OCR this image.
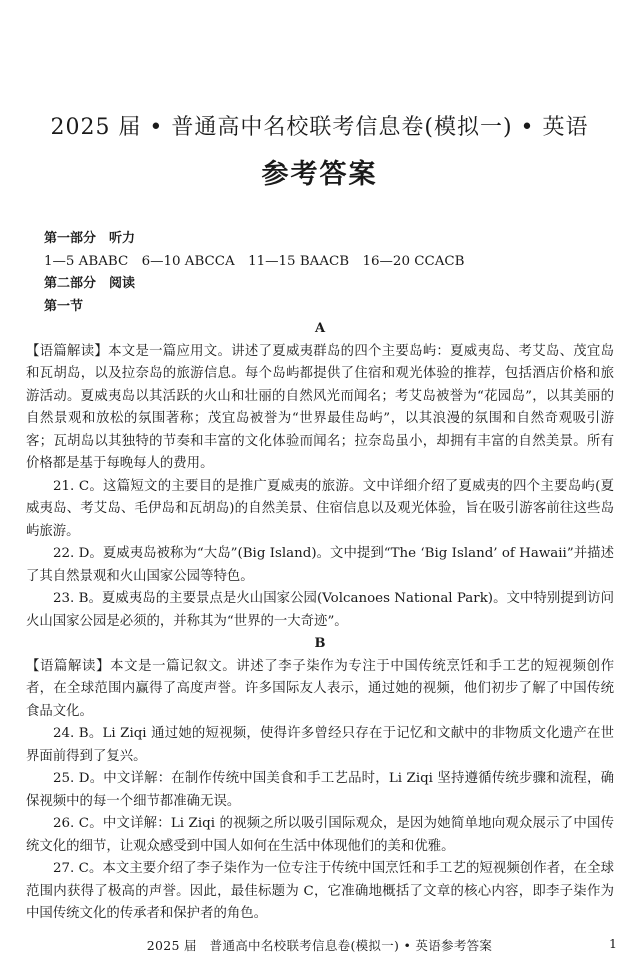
2025 届 • 普通高中名校联考信息卷(模拟一) • 英语
参考答案

第一部分　听力

1—5 ABABC　6—10 ABCCA　11—15 BAACB　16—20 CCACB

第二部分　阅读

第一节

A

【语篇解读】本文是一篇应用文。讲述了夏威夷群岛的四个主要岛屿：夏威夷岛、考艾岛、茂宜岛和瓦胡岛，以及拉奈岛的旅游信息。每个岛屿都提供了住宿和观光体验的推荐，包括酒店价格和旅游活动。夏威夷岛以其活跃的火山和壮丽的自然风光而闻名；考艾岛被誉为“花园岛”，以其美丽的自然景观和放松的氛围著称；茂宜岛被誉为“世界最佳岛屿”，以其浪漫的氛围和自然奇观吸引游客；瓦胡岛以其独特的节奏和丰富的文化体验而闻名；拉奈岛虽小，却拥有丰富的自然美景。所有价格都是基于每晚每人的费用。

21. C。这篇短文的主要目的是推广夏威夷的旅游。文中详细介绍了夏威夷的四个主要岛屿(夏威夷岛、考艾岛、毛伊岛和瓦胡岛)的自然美景、住宿信息以及观光体验，旨在吸引游客前往这些岛屿旅游。

22. D。夏威夷岛被称为“大岛”(Big Island)。文中提到“The ‘Big Island’ of Hawaii”并描述了其自然景观和火山国家公园等特色。

23. B。夏威夷岛的主要景点是火山国家公园(Volcanoes National Park)。文中特别提到访问火山国家公园是必须的，并称其为“世界的一大奇迹”。

B

【语篇解读】本文是一篇记叙文。讲述了李子柒作为专注于中国传统烹饪和手工艺的短视频创作者，在全球范围内赢得了高度声誉。许多国际友人表示，通过她的视频，他们初步了解了中国传统食品文化。

24. B。Li Ziqi 通过她的短视频，使得许多曾经只存在于记忆和文献中的非物质文化遗产在世界面前得到了复兴。

25. D。中文详解：在制作传统中国美食和手工艺品时，Li Ziqi 坚持遵循传统步骤和流程，确保视频中的每一个细节都准确无误。

26. C。中文详解：Li Ziqi 的视频之所以吸引国际观众，是因为她简单地向观众展示了中国传统文化的细节，让观众感受到中国人如何在生活中体现他们的美和优雅。

27. C。本文主要介绍了李子柒作为一位专注于传统中国烹饪和手工艺的短视频创作者，在全球范围内获得了极高的声誉。因此，最佳标题为 C，它准确地概括了文章的核心内容，即李子柒作为中国传统文化的传承者和保护者的角色。

2025 届　普通高中名校联考信息卷(模拟一) • 英语参考答案	1
